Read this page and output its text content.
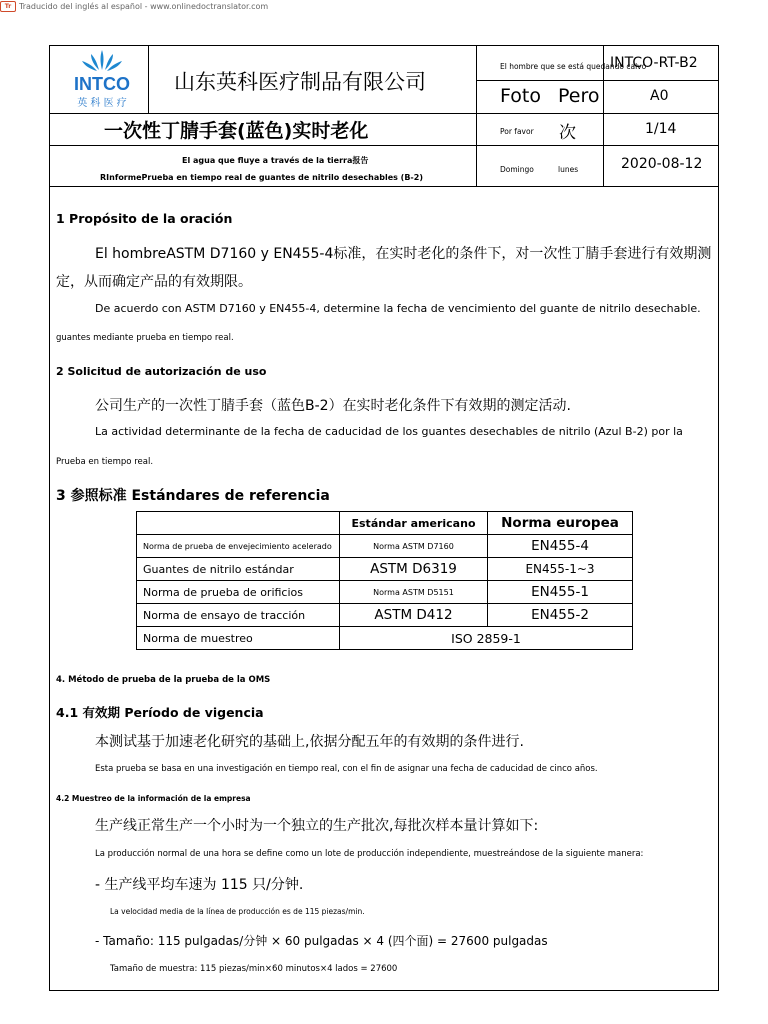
Tr Traducido del inglés al español - www.onlinedoctranslator.com
INTCO
英 科 医 疗
山东英科医疗制品有限公司
一次性丁腈手套(蓝色)实时老化
El agua que fluye a través de la tierra报告
RInformePrueba en tiempo real de guantes de nitrilo desechables (B-2)
El hombre que se está quedando calvo
INTCO-RT-B2
Foto Pero	A0
Por favor 次	1/14
Domingo	lunes	2020-08-12
1 Propósito de la oración
El hombreASTM D7160 y EN455-4标准，在实时老化的条件下，对一次性丁腈手套进行有效期测
定，从而确定产品的有效期限。
De acuerdo con ASTM D7160 y EN455-4, determine la fecha de vencimiento del guante de nitrilo desechable.
guantes mediante prueba en tiempo real.
2 Solicitud de autorización de uso
公司生产的一次性丁腈手套（蓝色B-2）在实时老化条件下有效期的测定活动.
La actividad determinante de la fecha de caducidad de los guantes desechables de nitrilo (Azul B-2) por la
Prueba en tiempo real.
3 参照标准 Estándares de referencia
	Estándar americano	Norma europea
Norma de prueba de envejecimiento acelerado	Norma ASTM D7160	EN455-4
Guantes de nitrilo estándar	ASTM D6319	EN455-1~3
Norma de prueba de orificios	Norma ASTM D5151	EN455-1
Norma de ensayo de tracción	ASTM D412	EN455-2
Norma de muestreo	ISO 2859-1	
4. Método de prueba de la prueba de la OMS
4.1 有效期 Período de vigencia
本测试基于加速老化研究的基础上,依据分配五年的有效期的条件进行.
Esta prueba se basa en una investigación en tiempo real, con el fin de asignar una fecha de caducidad de cinco años.
4.2 Muestreo de la información de la empresa
生产线正常生产一个小时为一个独立的生产批次,每批次样本量计算如下:
La producción normal de una hora se define como un lote de producción independiente, muestreándose de la siguiente manera:
- 生产线平均车速为 115 只/分钟.
La velocidad media de la línea de producción es de 115 piezas/min.
- Tamaño: 115 pulgadas/分钟 × 60 pulgadas × 4 (四个面) = 27600 pulgadas
Tamaño de muestra: 115 piezas/min×60 minutos×4 lados = 27600
